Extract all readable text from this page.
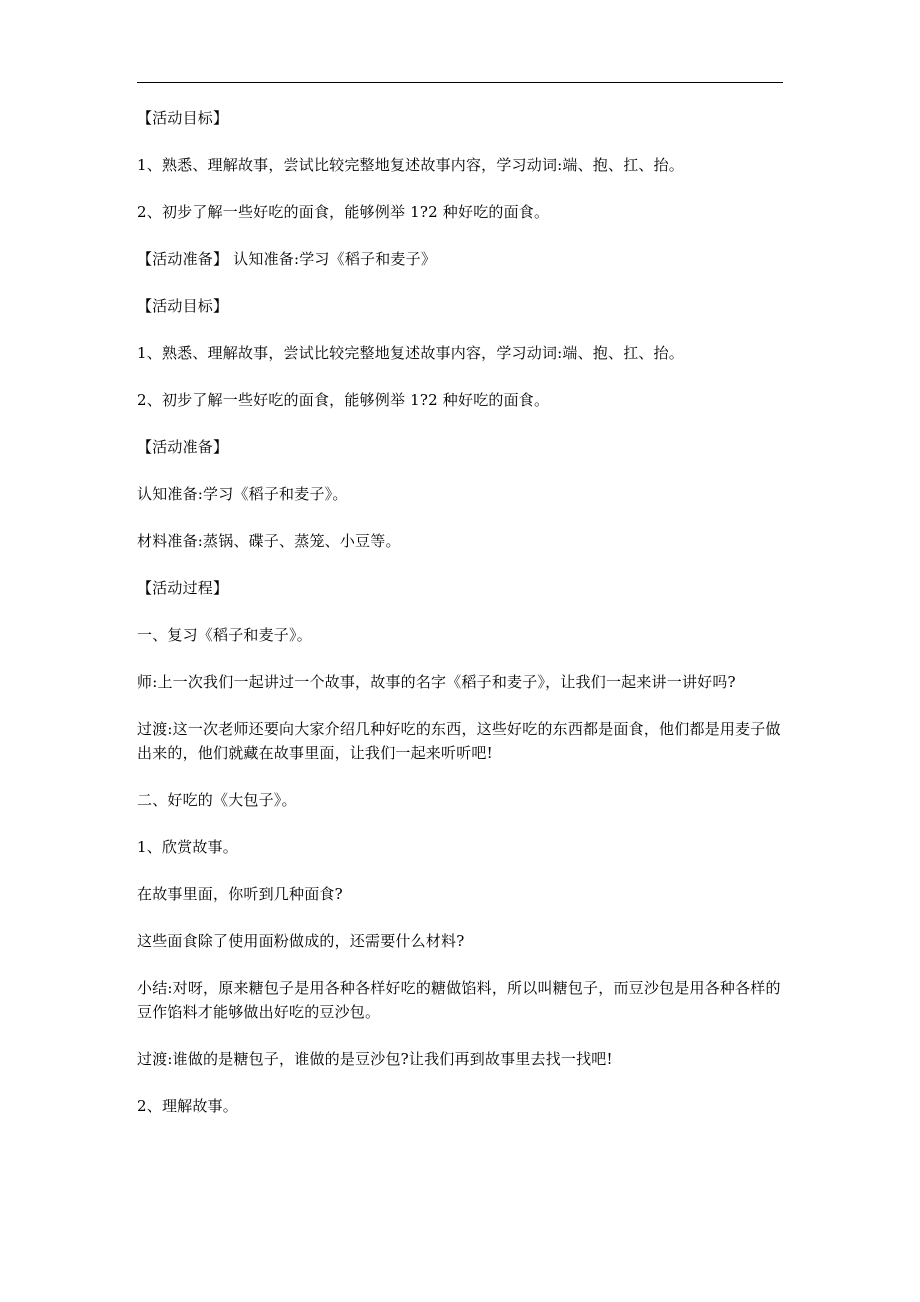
【活动目标】

1、熟悉、理解故事，尝试比较完整地复述故事内容，学习动词:端、抱、扛、抬。

2、初步了解一些好吃的面食，能够例举 1?2 种好吃的面食。

【活动准备】 认知准备:学习《稻子和麦子》

【活动目标】

1、熟悉、理解故事，尝试比较完整地复述故事内容，学习动词:端、抱、扛、抬。

2、初步了解一些好吃的面食，能够例举 1?2 种好吃的面食。

【活动准备】

认知准备:学习《稻子和麦子》。

材料准备:蒸锅、碟子、蒸笼、小豆等。

【活动过程】

一、复习《稻子和麦子》。

师:上一次我们一起讲过一个故事，故事的名字《稻子和麦子》，让我们一起来讲一讲好吗?

过渡:这一次老师还要向大家介绍几种好吃的东西，这些好吃的东西都是面食，他们都是用麦子做出来的，他们就藏在故事里面，让我们一起来听听吧!

二、好吃的《大包子》。

1、欣赏故事。

在故事里面，你听到几种面食?

这些面食除了使用面粉做成的，还需要什么材料?

小结:对呀，原来糖包子是用各种各样好吃的糖做馅料，所以叫糖包子，而豆沙包是用各种各样的豆作馅料才能够做出好吃的豆沙包。

过渡:谁做的是糖包子，谁做的是豆沙包?让我们再到故事里去找一找吧!

2、理解故事。
